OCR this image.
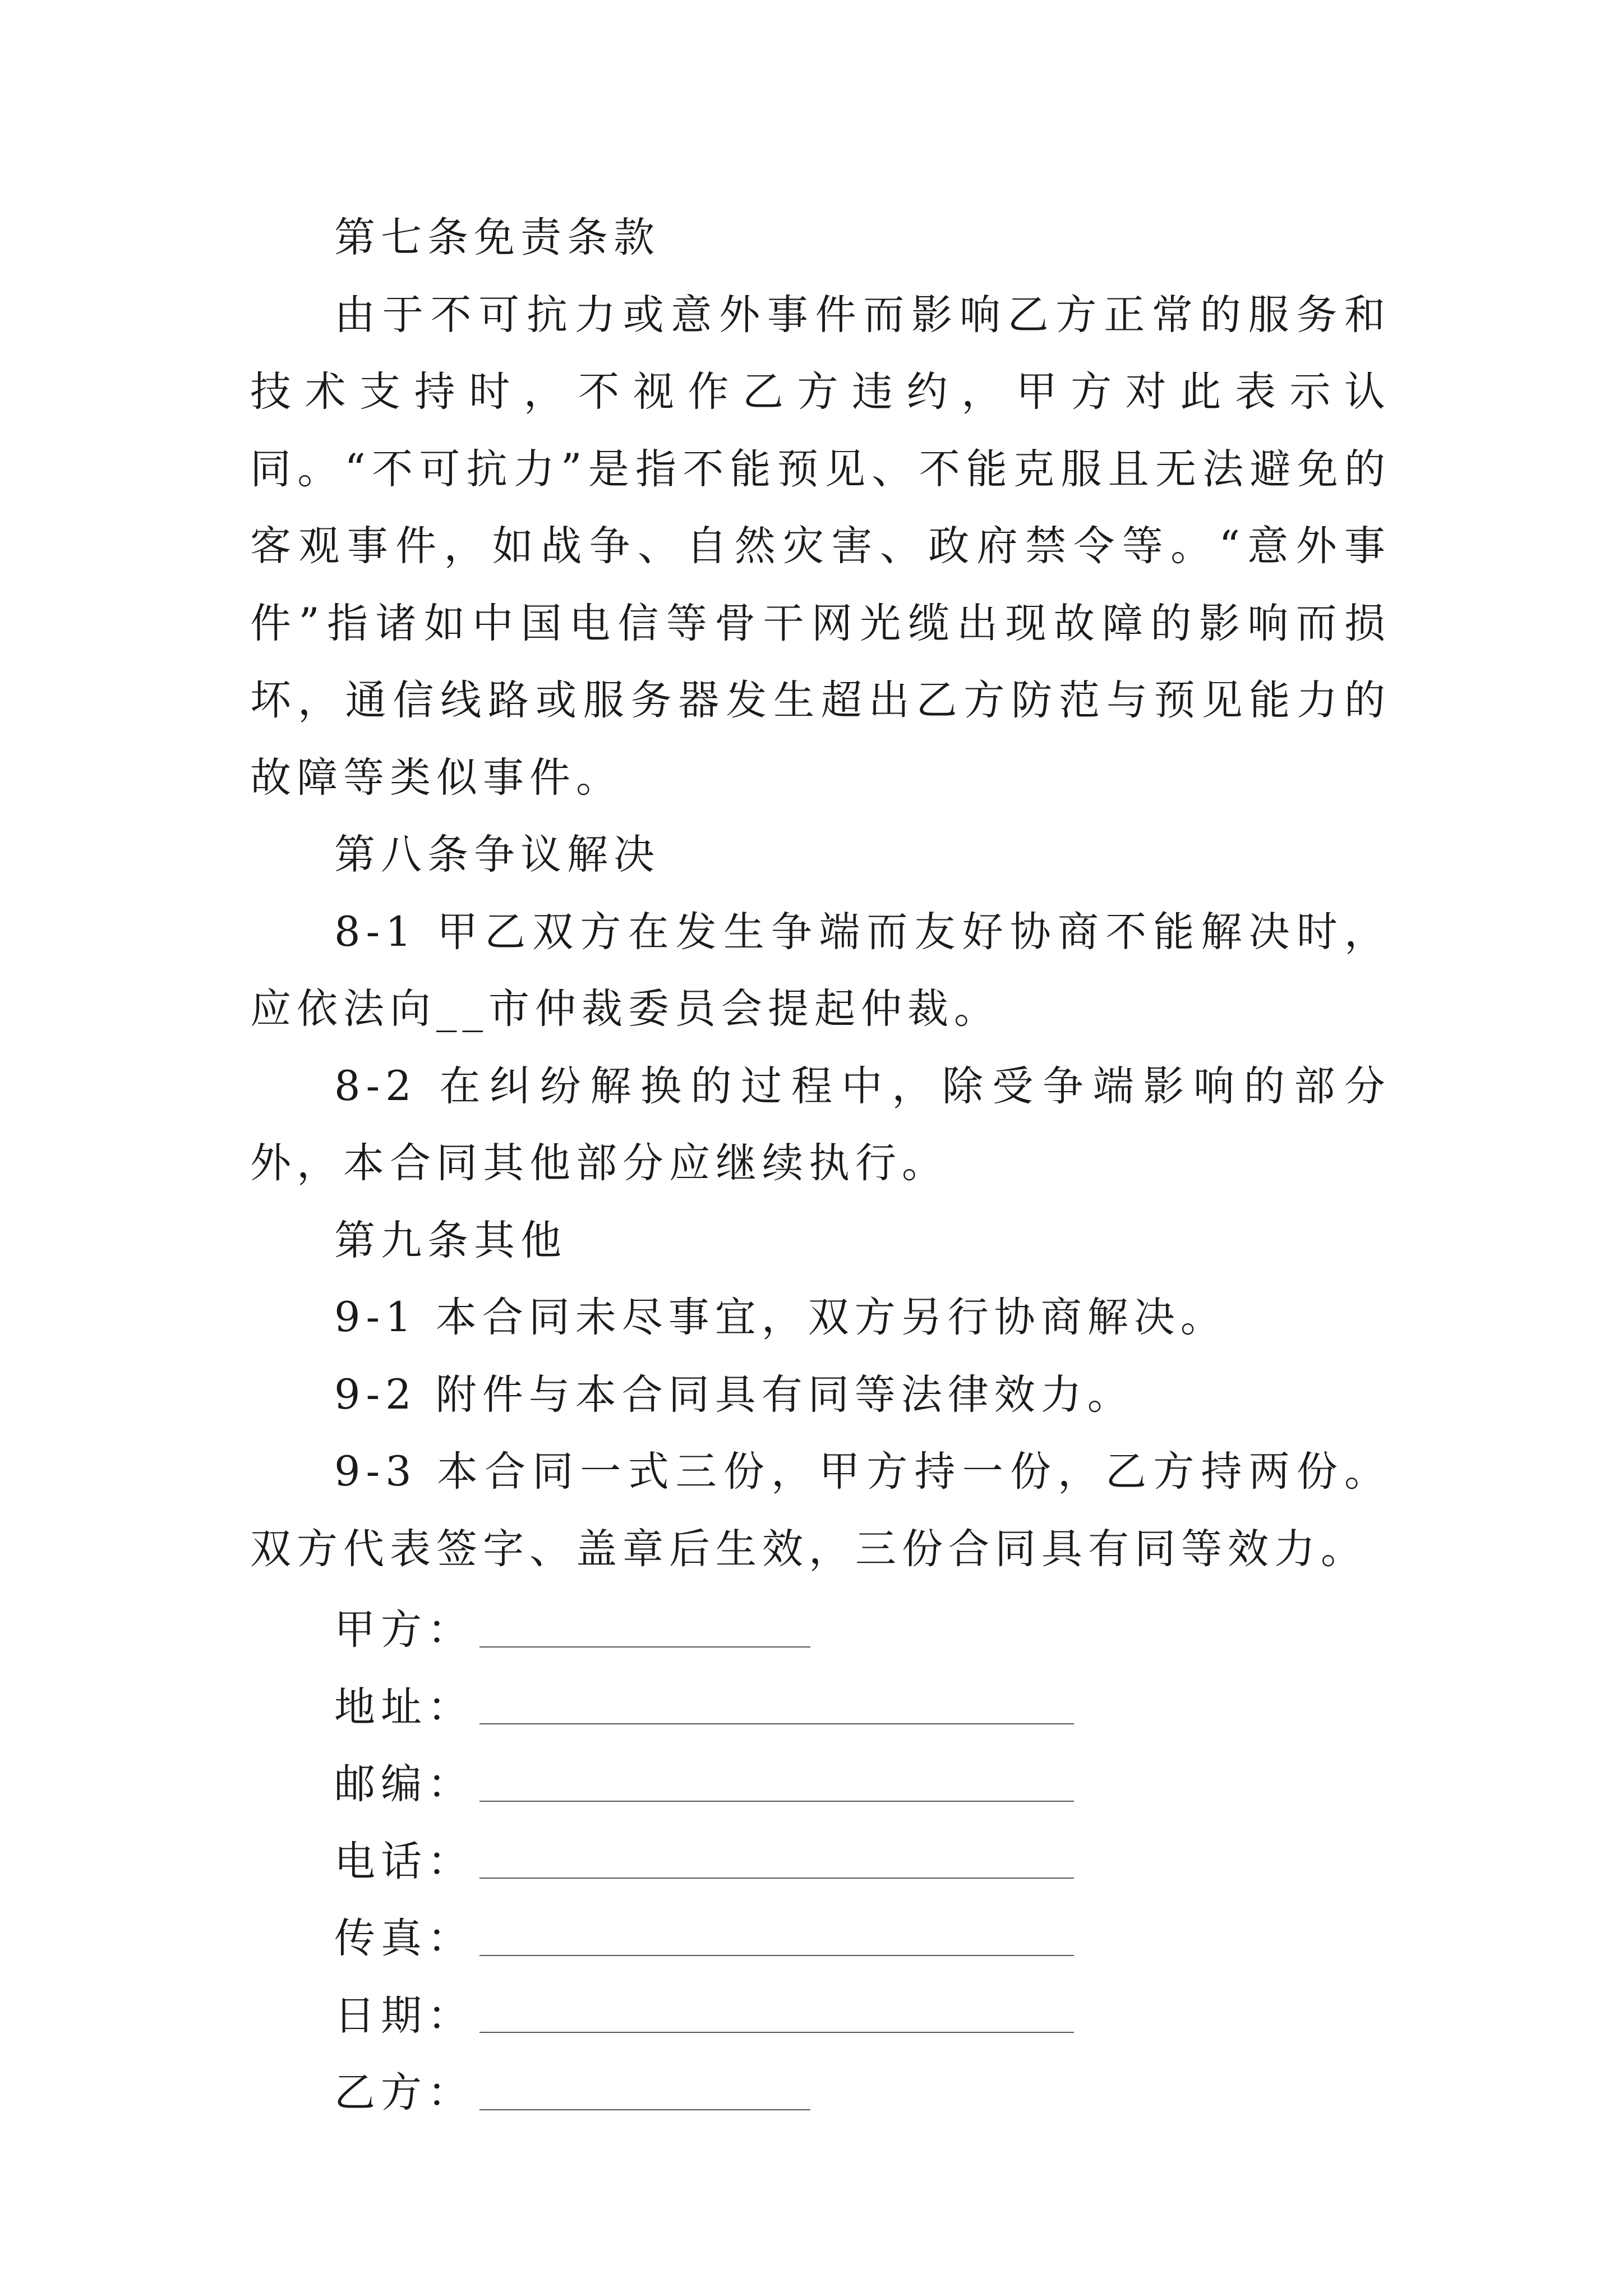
第七条免责条款

由于不可抗力或意外事件而影响乙方正常的服务和技术支持时，不视作乙方违约，甲方对此表示认同。“不可抗力”是指不能预见、不能克服且无法避免的客观事件，如战争、自然灾害、政府禁令等。“意外事件”指诸如中国电信等骨干网光缆出现故障的影响而损坏，通信线路或服务器发生超出乙方防范与预见能力的故障等类似事件。

第八条争议解决

8-1 甲乙双方在发生争端而友好协商不能解决时，应依法向__市仲裁委员会提起仲裁。

8-2 在纠纷解换的过程中，除受争端影响的部分外，本合同其他部分应继续执行。

第九条其他

9-1 本合同未尽事宜，双方另行协商解决。

9-2 附件与本合同具有同等法律效力。

9-3 本合同一式三份，甲方持一份，乙方持两份。双方代表签字、盖章后生效，三份合同具有同等效力。

甲方：
地址：
邮编：
电话：
传真：
日期：
乙方：
